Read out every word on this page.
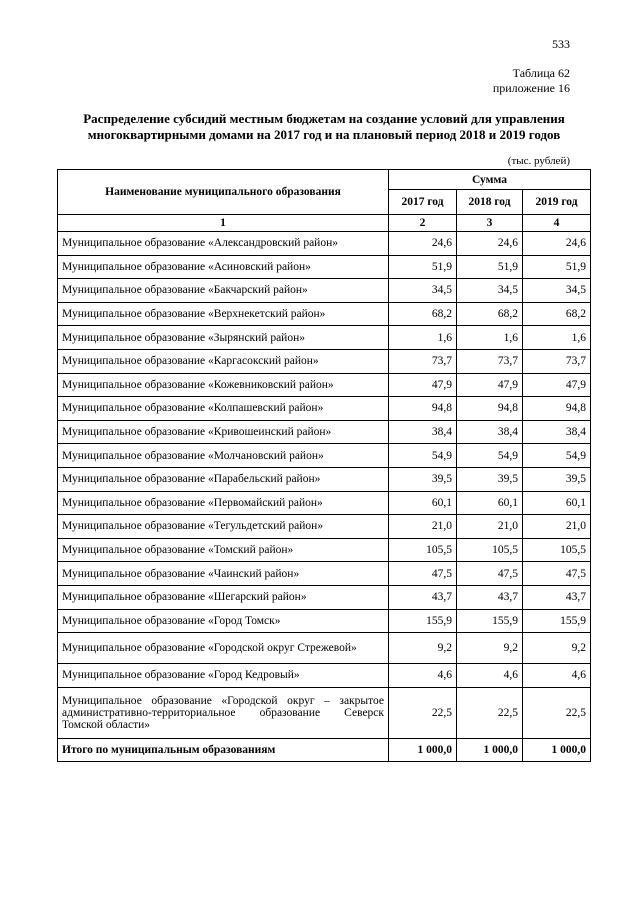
533
Таблица 62
приложение 16
Распределение субсидий местным бюджетам на создание условий для управления многоквартирными домами на 2017 год и на плановый период 2018 и 2019 годов
(тыс. рублей)
Наименование муниципального образования	Сумма		
	2017 год	2018 год	2019 год
1	2	3	4
Муниципальное образование «Александровский район»	24,6	24,6	24,6
Муниципальное образование «Асиновский район»	51,9	51,9	51,9
Муниципальное образование «Бакчарский район»	34,5	34,5	34,5
Муниципальное образование «Верхнекетский район»	68,2	68,2	68,2
Муниципальное образование «Зырянский район»	1,6	1,6	1,6
Муниципальное образование «Каргасокский район»	73,7	73,7	73,7
Муниципальное образование «Кожевниковский район»	47,9	47,9	47,9
Муниципальное образование «Колпашевский район»	94,8	94,8	94,8
Муниципальное образование «Кривошеинский район»	38,4	38,4	38,4
Муниципальное образование «Молчановский район»	54,9	54,9	54,9
Муниципальное образование «Парабельский район»	39,5	39,5	39,5
Муниципальное образование «Первомайский район»	60,1	60,1	60,1
Муниципальное образование «Тегульдетский район»	21,0	21,0	21,0
Муниципальное образование «Томский район»	105,5	105,5	105,5
Муниципальное образование «Чаинский район»	47,5	47,5	47,5
Муниципальное образование «Шегарский район»	43,7	43,7	43,7
Муниципальное образование «Город Томск»	155,9	155,9	155,9
Муниципальное образование «Городской округ Стрежевой»	9,2	9,2	9,2
Муниципальное образование «Город Кедровый»	4,6	4,6	4,6
Муниципальное образование «Городской округ – закрытое административно-территориальное образование Северск Томской области»	22,5	22,5	22,5
Итого по муниципальным образованиям	1 000,0	1 000,0	1 000,0
